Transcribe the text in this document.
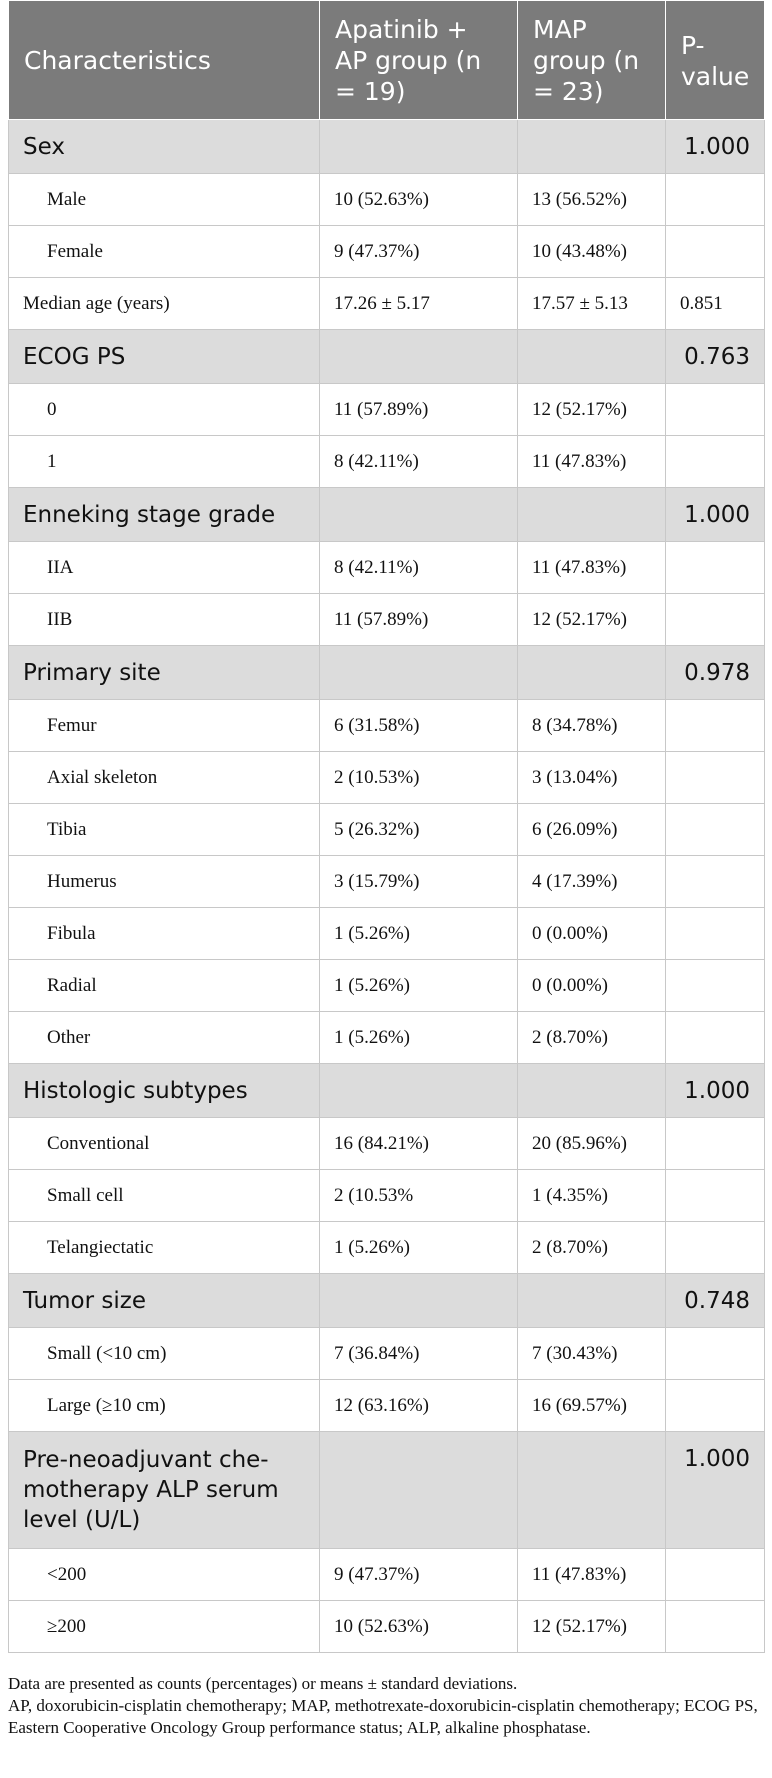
Characteristics	Apatinib + AP group (n = 19)	MAP group (n = 23)	P-value
Sex			1.000
Male	10 (52.63%)	13 (56.52%)	
Female	9 (47.37%)	10 (43.48%)	
Median age (years)	17.26 ± 5.17	17.57 ± 5.13	0.851
ECOG PS			0.763
0	11 (57.89%)	12 (52.17%)	
1	8 (42.11%)	11 (47.83%)	
Enneking stage grade			1.000
IIA	8 (42.11%)	11 (47.83%)	
IIB	11 (57.89%)	12 (52.17%)	
Primary site			0.978
Femur	6 (31.58%)	8 (34.78%)	
Axial skeleton	2 (10.53%)	3 (13.04%)	
Tibia	5 (26.32%)	6 (26.09%)	
Humerus	3 (15.79%)	4 (17.39%)	
Fibula	1 (5.26%)	0 (0.00%)	
Radial	1 (5.26%)	0 (0.00%)	
Other	1 (5.26%)	2 (8.70%)	
Histologic subtypes			1.000
Conventional	16 (84.21%)	20 (85.96%)	
Small cell	2 (10.53%	1 (4.35%)	
Telangiectatic	1 (5.26%)	2 (8.70%)	
Tumor size			0.748
Small (<10 cm)	7 (36.84%)	7 (30.43%)	
Large (≥10 cm)	12 (63.16%)	16 (69.57%)	
Pre-neoadjuvant che-motherapy ALP serum level (U/L)			1.000
<200	9 (47.37%)	11 (47.83%)	
≥200	10 (52.63%)	12 (52.17%)	

Data are presented as counts (percentages) or means ± standard deviations.

AP, doxorubicin-cisplatin chemotherapy; MAP, methotrexate-doxorubicin-cisplatin chemotherapy; ECOG PS, Eastern Cooperative Oncology Group performance status; ALP, alkaline phosphatase.
